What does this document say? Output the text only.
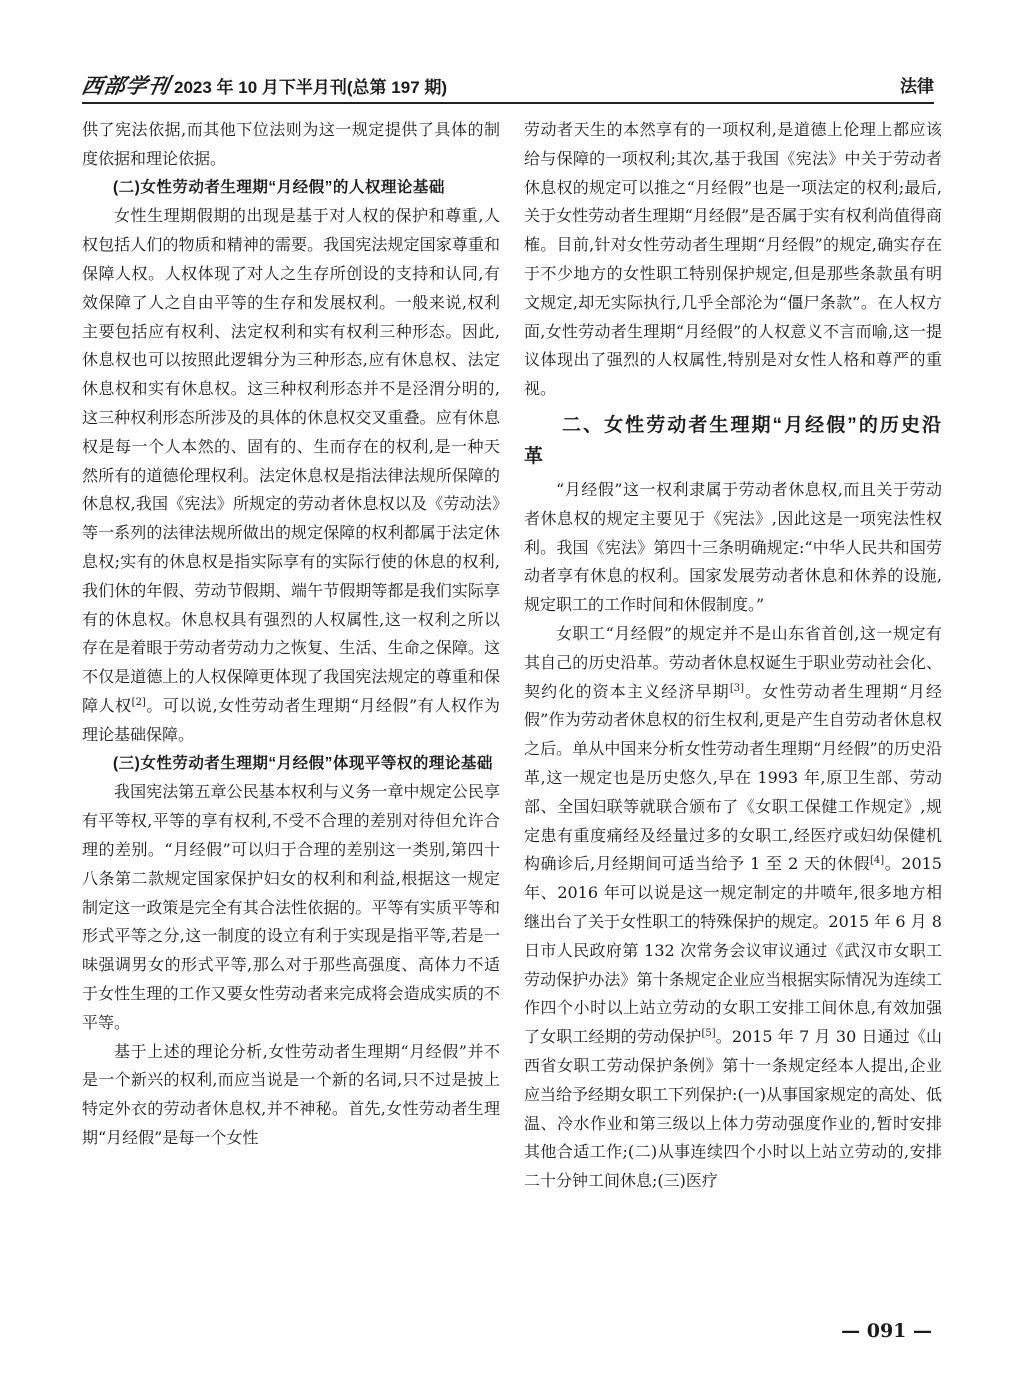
西部学刊 2023 年 10 月下半月刊(总第 197 期)	法律

供了宪法依据,而其他下位法则为这一规定提供了具体的制度依据和理论依据。

(二)女性劳动者生理期“月经假”的人权理论基础

女性生理期假期的出现是基于对人权的保护和尊重,人权包括人们的物质和精神的需要。我国宪法规定国家尊重和保障人权。人权体现了对人之生存所创设的支持和认同,有效保障了人之自由平等的生存和发展权利。一般来说,权利主要包括应有权利、法定权利和实有权利三种形态。因此,休息权也可以按照此逻辑分为三种形态,应有休息权、法定休息权和实有休息权。这三种权利形态并不是泾渭分明的,这三种权利形态所涉及的具体的休息权交叉重叠。应有休息权是每一个人本然的、固有的、生而存在的权利,是一种天然所有的道德伦理权利。法定休息权是指法律法规所保障的休息权,我国《宪法》所规定的劳动者休息权以及《劳动法》等一系列的法律法规所做出的规定保障的权利都属于法定休息权;实有的休息权是指实际享有的实际行使的休息的权利,我们休的年假、劳动节假期、端午节假期等都是我们实际享有的休息权。休息权具有强烈的人权属性,这一权利之所以存在是着眼于劳动者劳动力之恢复、生活、生命之保障。这不仅是道德上的人权保障更体现了我国宪法规定的尊重和保障人权[2]。可以说,女性劳动者生理期“月经假”有人权作为理论基础保障。

(三)女性劳动者生理期“月经假”体现平等权的理论基础

我国宪法第五章公民基本权利与义务一章中规定公民享有平等权,平等的享有权利,不受不合理的差别对待但允许合理的差别。“月经假”可以归于合理的差别这一类别,第四十八条第二款规定国家保护妇女的权利和利益,根据这一规定制定这一政策是完全有其合法性依据的。平等有实质平等和形式平等之分,这一制度的设立有利于实现是指平等,若是一味强调男女的形式平等,那么对于那些高强度、高体力不适于女性生理的工作又要女性劳动者来完成将会造成实质的不平等。

基于上述的理论分析,女性劳动者生理期“月经假”并不是一个新兴的权利,而应当说是一个新的名词,只不过是披上特定外衣的劳动者休息权,并不神秘。首先,女性劳动者生理期“月经假”是每一个女性

劳动者天生的本然享有的一项权利,是道德上伦理上都应该给与保障的一项权利;其次,基于我国《宪法》中关于劳动者休息权的规定可以推之“月经假”也是一项法定的权利;最后,关于女性劳动者生理期“月经假”是否属于实有权利尚值得商榷。目前,针对女性劳动者生理期“月经假”的规定,确实存在于不少地方的女性职工特别保护规定,但是那些条款虽有明文规定,却无实际执行,几乎全部沦为“僵尸条款”。在人权方面,女性劳动者生理期“月经假”的人权意义不言而喻,这一提议体现出了强烈的人权属性,特别是对女性人格和尊严的重视。

二、女性劳动者生理期“月经假”的历史沿革

“月经假”这一权利隶属于劳动者休息权,而且关于劳动者休息权的规定主要见于《宪法》,因此这是一项宪法性权利。我国《宪法》第四十三条明确规定:“中华人民共和国劳动者享有休息的权利。国家发展劳动者休息和休养的设施,规定职工的工作时间和休假制度。”

女职工“月经假”的规定并不是山东省首创,这一规定有其自己的历史沿革。劳动者休息权诞生于职业劳动社会化、契约化的资本主义经济早期[3]。女性劳动者生理期“月经假”作为劳动者休息权的衍生权利,更是产生自劳动者休息权之后。单从中国来分析女性劳动者生理期“月经假”的历史沿革,这一规定也是历史悠久,早在 1993 年,原卫生部、劳动部、全国妇联等就联合颁布了《女职工保健工作规定》,规定患有重度痛经及经量过多的女职工,经医疗或妇幼保健机构确诊后,月经期间可适当给予 1 至 2 天的休假[4]。2015 年、2016 年可以说是这一规定制定的井喷年,很多地方相继出台了关于女性职工的特殊保护的规定。2015 年 6 月 8 日市人民政府第 132 次常务会议审议通过《武汉市女职工劳动保护办法》第十条规定企业应当根据实际情况为连续工作四个小时以上站立劳动的女职工安排工间休息,有效加强了女职工经期的劳动保护[5]。2015 年 7 月 30 日通过《山西省女职工劳动保护条例》第十一条规定经本人提出,企业应当给予经期女职工下列保护:(一)从事国家规定的高处、低温、冷水作业和第三级以上体力劳动强度作业的,暂时安排其他合适工作;(二)从事连续四个小时以上站立劳动的,安排二十分钟工间休息;(三)医疗

— 091 —
